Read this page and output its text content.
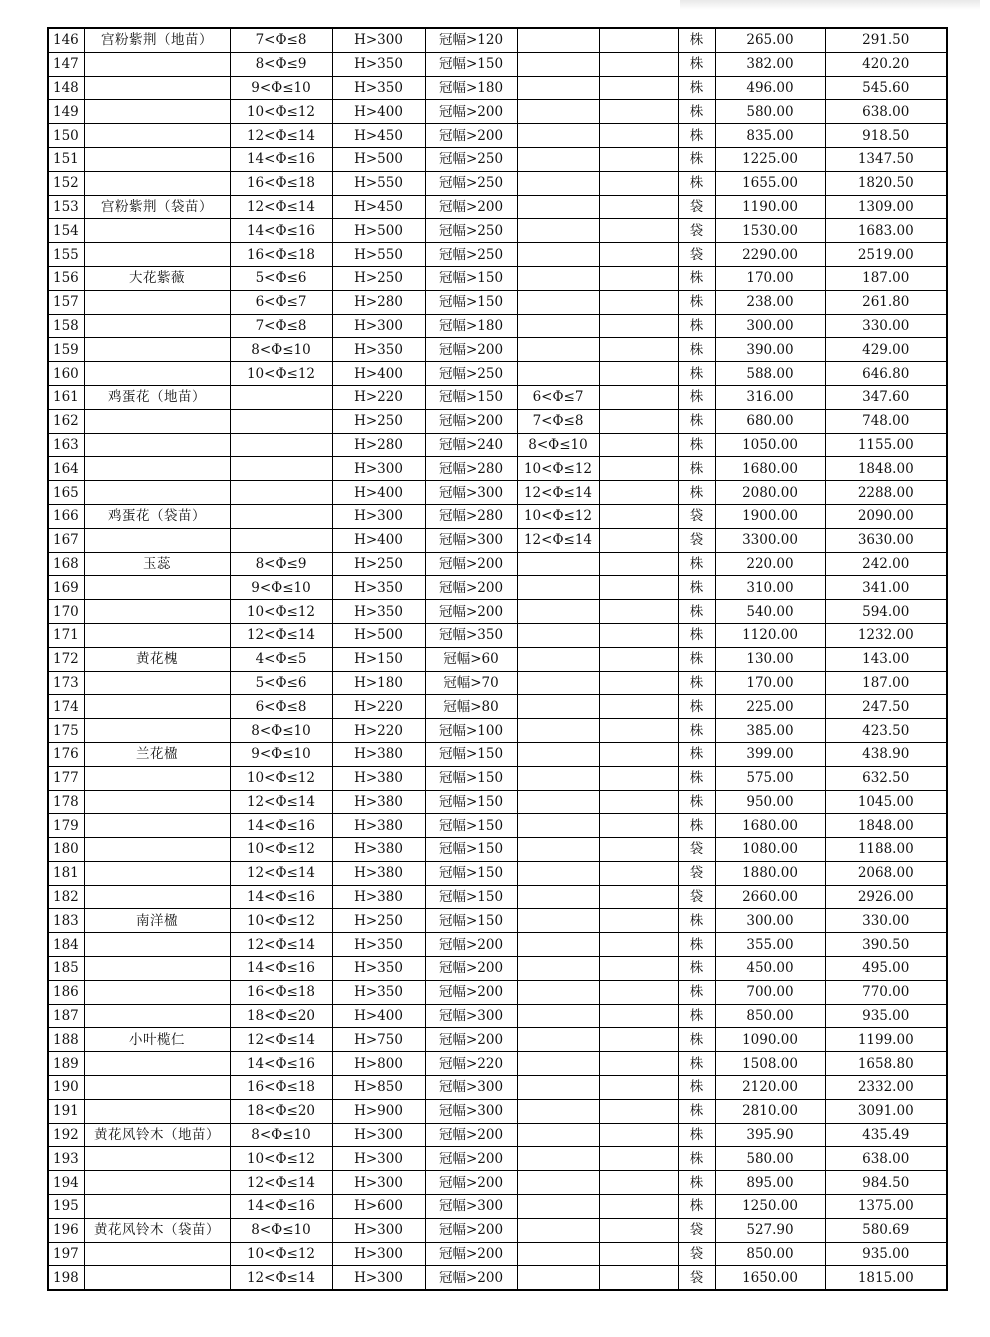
146	宫粉紫荆（地苗）	7<Φ≤8	H>300	冠幅>120			株	265.00	291.50
147		8<Φ≤9	H>350	冠幅>150			株	382.00	420.20
148		9<Φ≤10	H>350	冠幅>180			株	496.00	545.60
149		10<Φ≤12	H>400	冠幅>200			株	580.00	638.00
150		12<Φ≤14	H>450	冠幅>200			株	835.00	918.50
151		14<Φ≤16	H>500	冠幅>250			株	1225.00	1347.50
152		16<Φ≤18	H>550	冠幅>250			株	1655.00	1820.50
153	宫粉紫荆（袋苗）	12<Φ≤14	H>450	冠幅>200			袋	1190.00	1309.00
154		14<Φ≤16	H>500	冠幅>250			袋	1530.00	1683.00
155		16<Φ≤18	H>550	冠幅>250			袋	2290.00	2519.00
156	大花紫薇	5<Φ≤6	H>250	冠幅>150			株	170.00	187.00
157		6<Φ≤7	H>280	冠幅>150			株	238.00	261.80
158		7<Φ≤8	H>300	冠幅>180			株	300.00	330.00
159		8<Φ≤10	H>350	冠幅>200			株	390.00	429.00
160		10<Φ≤12	H>400	冠幅>250			株	588.00	646.80
161	鸡蛋花（地苗）		H>220	冠幅>150	6<Φ≤7		株	316.00	347.60
162			H>250	冠幅>200	7<Φ≤8		株	680.00	748.00
163			H>280	冠幅>240	8<Φ≤10		株	1050.00	1155.00
164			H>300	冠幅>280	10<Φ≤12		株	1680.00	1848.00
165			H>400	冠幅>300	12<Φ≤14		株	2080.00	2288.00
166	鸡蛋花（袋苗）		H>300	冠幅>280	10<Φ≤12		袋	1900.00	2090.00
167			H>400	冠幅>300	12<Φ≤14		袋	3300.00	3630.00
168	玉蕊	8<Φ≤9	H>250	冠幅>200			株	220.00	242.00
169		9<Φ≤10	H>350	冠幅>200			株	310.00	341.00
170		10<Φ≤12	H>350	冠幅>200			株	540.00	594.00
171		12<Φ≤14	H>500	冠幅>350			株	1120.00	1232.00
172	黄花槐	4<Φ≤5	H>150	冠幅>60			株	130.00	143.00
173		5<Φ≤6	H>180	冠幅>70			株	170.00	187.00
174		6<Φ≤8	H>220	冠幅>80			株	225.00	247.50
175		8<Φ≤10	H>220	冠幅>100			株	385.00	423.50
176	兰花楹	9<Φ≤10	H>380	冠幅>150			株	399.00	438.90
177		10<Φ≤12	H>380	冠幅>150			株	575.00	632.50
178		12<Φ≤14	H>380	冠幅>150			株	950.00	1045.00
179		14<Φ≤16	H>380	冠幅>150			株	1680.00	1848.00
180		10<Φ≤12	H>380	冠幅>150			袋	1080.00	1188.00
181		12<Φ≤14	H>380	冠幅>150			袋	1880.00	2068.00
182		14<Φ≤16	H>380	冠幅>150			袋	2660.00	2926.00
183	南洋楹	10<Φ≤12	H>250	冠幅>150			株	300.00	330.00
184		12<Φ≤14	H>350	冠幅>200			株	355.00	390.50
185		14<Φ≤16	H>350	冠幅>200			株	450.00	495.00
186		16<Φ≤18	H>350	冠幅>200			株	700.00	770.00
187		18<Φ≤20	H>400	冠幅>300			株	850.00	935.00
188	小叶榄仁	12<Φ≤14	H>750	冠幅>200			株	1090.00	1199.00
189		14<Φ≤16	H>800	冠幅>220			株	1508.00	1658.80
190		16<Φ≤18	H>850	冠幅>300			株	2120.00	2332.00
191		18<Φ≤20	H>900	冠幅>300			株	2810.00	3091.00
192	黄花风铃木（地苗）	8<Φ≤10	H>300	冠幅>200			株	395.90	435.49
193		10<Φ≤12	H>300	冠幅>200			株	580.00	638.00
194		12<Φ≤14	H>300	冠幅>200			株	895.00	984.50
195		14<Φ≤16	H>600	冠幅>300			株	1250.00	1375.00
196	黄花风铃木（袋苗）	8<Φ≤10	H>300	冠幅>200			袋	527.90	580.69
197		10<Φ≤12	H>300	冠幅>200			袋	850.00	935.00
198		12<Φ≤14	H>300	冠幅>200			袋	1650.00	1815.00
